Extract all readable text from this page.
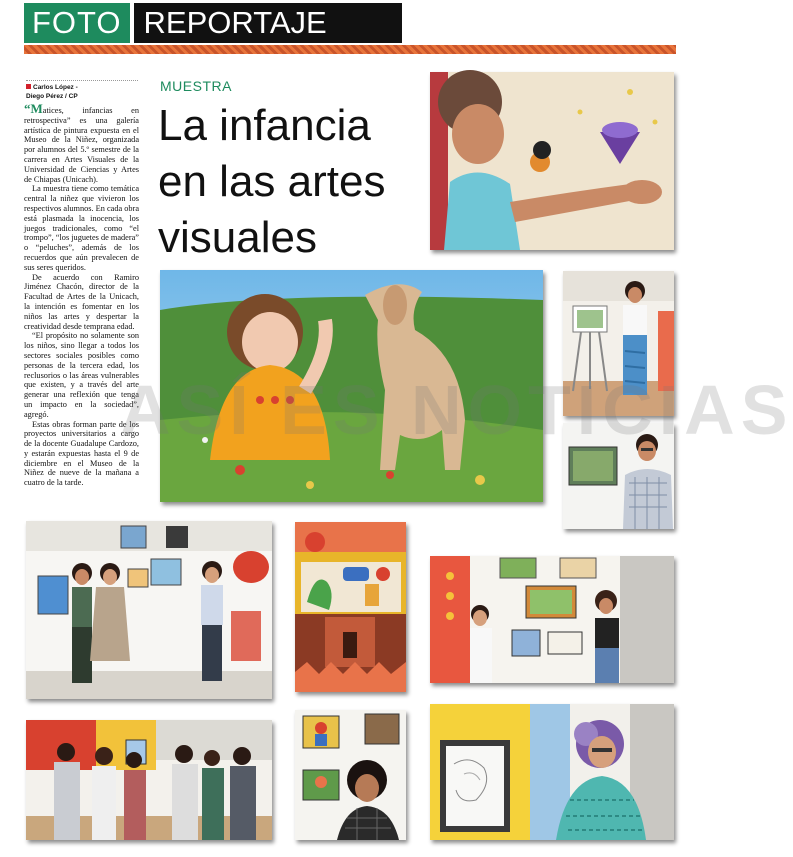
FOTO REPORTAJE
Carlos López -
Diego Pérez / CP

“Matices, infancias en retrospectiva” es una galería artística de pintura expuesta en el Museo de la Niñez, organizada por alumnos del 5.º semestre de la carrera en Artes Visuales de la Universidad de Ciencias y Artes de Chiapas (Unicach).

La muestra tiene como temática central la niñez que vivieron los respectivos alumnos. En cada obra está plasmada la inocencia, los juegos tradicionales, como “el trompo”, “los juguetes de madera” o “peluches”, además de los recuerdos que aún prevalecen de sus seres queridos.

De acuerdo con Ramiro Jiménez Chacón, director de la Facultad de Artes de la Unicach, la intención es fomentar en los niños las artes y despertar la creatividad desde temprana edad.

“El propósito no solamente son los niños, sino llegar a todos los sectores sociales posibles como personas de la tercera edad, los reclusorios o las áreas vulnerables que existen, y a través del arte generar una reflexión que tenga un impacto en la sociedad”, agregó.

Estas obras forman parte de los proyectos universitarios a cargo de la docente Guadalupe Cardozo, y estarán expuestas hasta el 9 de diciembre en el Museo de la Niñez de nueve de la mañana a cuatro de la tarde.

MUESTRA
La infancia en las artes visuales
ASÍ ES NOTICIAS
